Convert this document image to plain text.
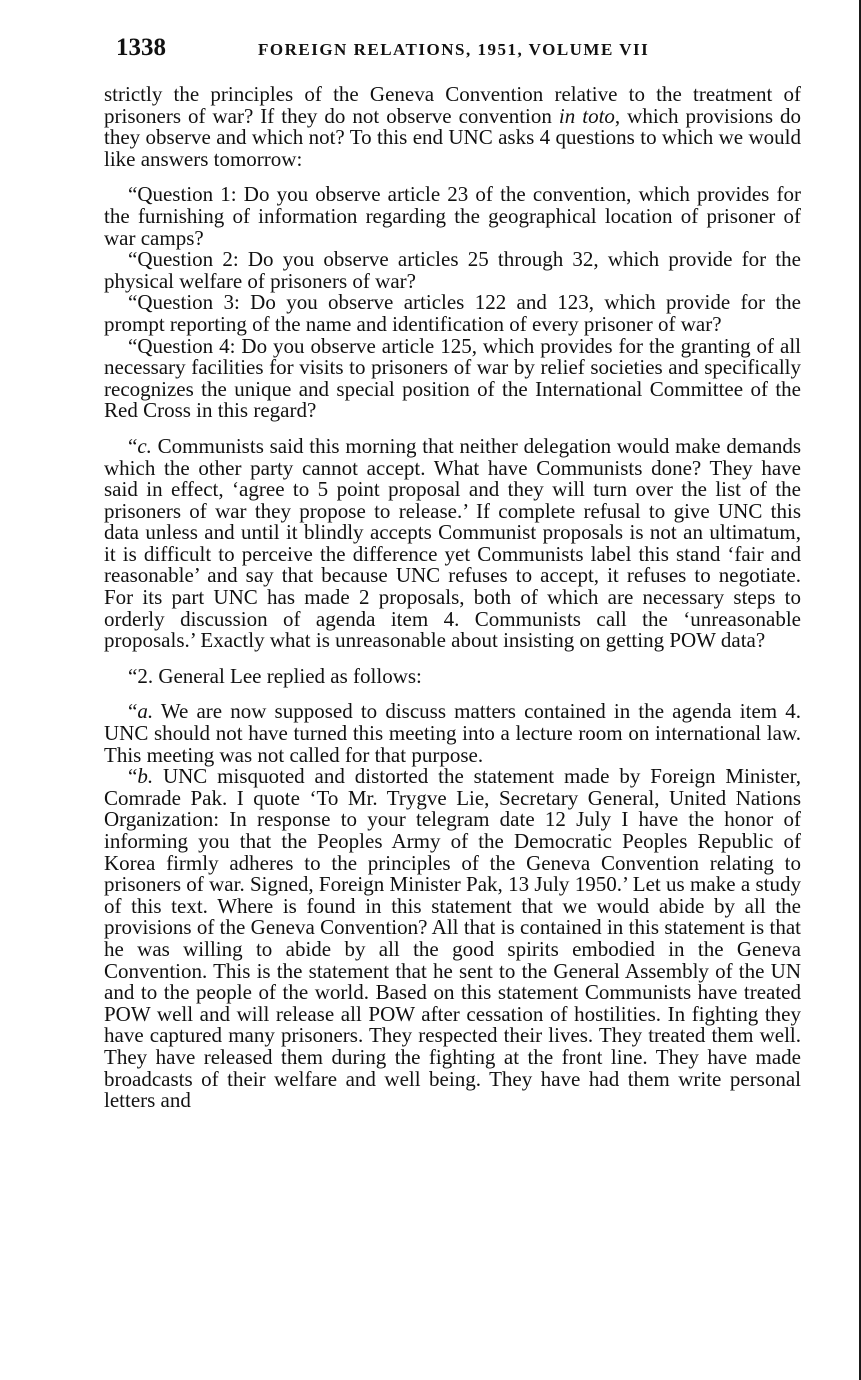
1338	FOREIGN RELATIONS, 1951, VOLUME VII

strictly the principles of the Geneva Convention relative to the treatment of prisoners of war? If they do not observe convention in toto, which provisions do they observe and which not? To this end UNC asks 4 questions to which we would like answers tomorrow:

“Question 1: Do you observe article 23 of the convention, which provides for the furnishing of information regarding the geographical location of prisoner of war camps?

“Question 2: Do you observe articles 25 through 32, which provide for the physical welfare of prisoners of war?

“Question 3: Do you observe articles 122 and 123, which provide for the prompt reporting of the name and identification of every prisoner of war?

“Question 4: Do you observe article 125, which provides for the granting of all necessary facilities for visits to prisoners of war by relief societies and specifically recognizes the unique and special position of the International Committee of the Red Cross in this regard?

“c. Communists said this morning that neither delegation would make demands which the other party cannot accept. What have Communists done? They have said in effect, ‘agree to 5 point proposal and they will turn over the list of the prisoners of war they propose to release.’ If complete refusal to give UNC this data unless and until it blindly accepts Communist proposals is not an ultimatum, it is difficult to perceive the difference yet Communists label this stand ‘fair and reasonable’ and say that because UNC refuses to accept, it refuses to negotiate. For its part UNC has made 2 proposals, both of which are necessary steps to orderly discussion of agenda item 4. Communists call the ‘unreasonable proposals.’ Exactly what is unreasonable about insisting on getting POW data?

“2. General Lee replied as follows:

“a. We are now supposed to discuss matters contained in the agenda item 4. UNC should not have turned this meeting into a lecture room on international law. This meeting was not called for that purpose.

“b. UNC misquoted and distorted the statement made by Foreign Minister, Comrade Pak. I quote ‘To Mr. Trygve Lie, Secretary General, United Nations Organization: In response to your telegram date 12 July I have the honor of informing you that the Peoples Army of the Democratic Peoples Republic of Korea firmly adheres to the principles of the Geneva Convention relating to prisoners of war. Signed, Foreign Minister Pak, 13 July 1950.’ Let us make a study of this text. Where is found in this statement that we would abide by all the provisions of the Geneva Convention? All that is contained in this statement is that he was willing to abide by all the good spirits embodied in the Geneva Convention. This is the statement that he sent to the General Assembly of the UN and to the people of the world. Based on this statement Communists have treated POW well and will release all POW after cessation of hostilities. In fighting they have captured many prisoners. They respected their lives. They treated them well. They have released them during the fighting at the front line. They have made broadcasts of their welfare and well being. They have had them write personal letters and
